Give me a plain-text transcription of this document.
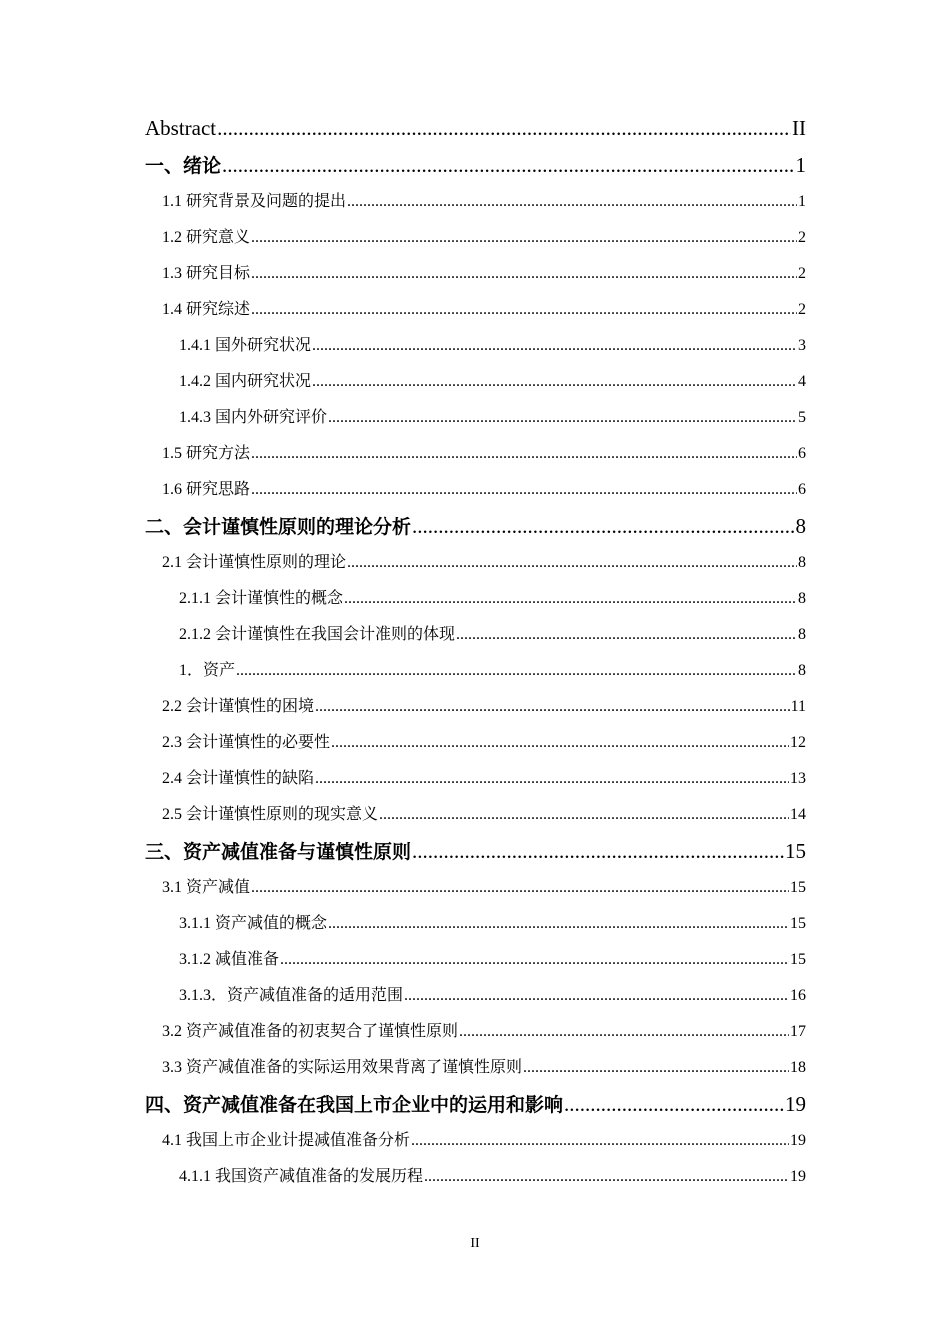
Abstract .....	II
一、绪论 .....	1
1.1 研究背景及问题的提出 .....	1
1.2 研究意义 .....	2
1.3 研究目标 .....	2
1.4 研究综述 .....	2
1.4.1 国外研究状况 .....	3
1.4.2 国内研究状况 .....	4
1.4.3 国内外研究评价 .....	5
1.5 研究方法 .....	6
1.6 研究思路 .....	6
二、会计谨慎性原则的理论分析 .....	8
2.1 会计谨慎性原则的理论 .....	8
2.1.1 会计谨慎性的概念 .....	8
2.1.2 会计谨慎性在我国会计准则的体现 .....	8
1．资产 .....	8
2.2 会计谨慎性的困境 .....	11
2.3 会计谨慎性的必要性 .....	12
2.4 会计谨慎性的缺陷 .....	13
2.5 会计谨慎性原则的现实意义 .....	14
三、资产减值准备与谨慎性原则 .....	15
3.1 资产减值 .....	15
3.1.1 资产减值的概念 .....	15
3.1.2 减值准备 .....	15
3.1.3．资产减值准备的适用范围 .....	16
3.2 资产减值准备的初衷契合了谨慎性原则 .....	17
3.3 资产减值准备的实际运用效果背离了谨慎性原则 .....	18
四、资产减值准备在我国上市企业中的运用和影响 .....	19
4.1 我国上市企业计提减值准备分析 .....	19
4.1.1 我国资产减值准备的发展历程 .....	19
II
